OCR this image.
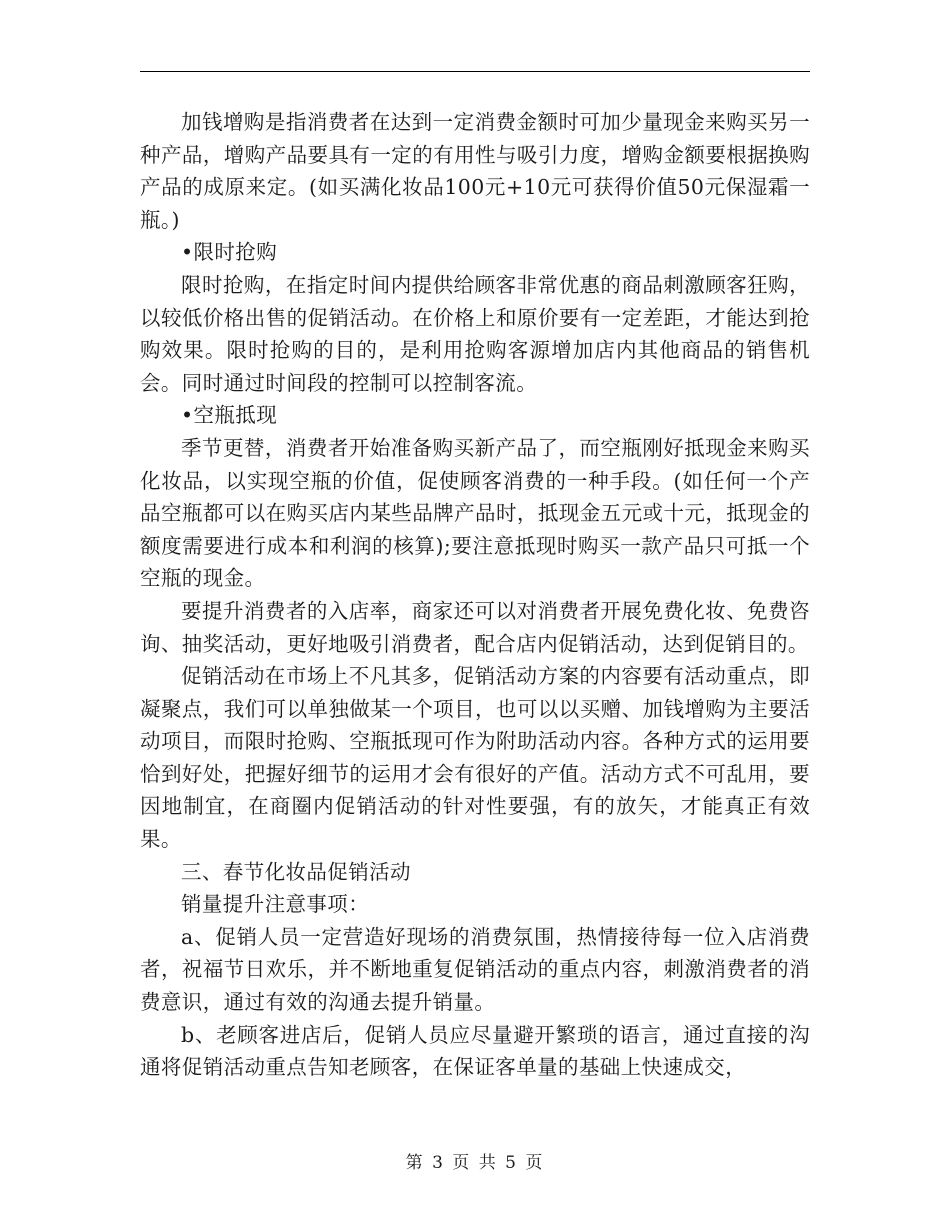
加钱增购是指消费者在达到一定消费金额时可加少量现金来购买另一种产品，增购产品要具有一定的有用性与吸引力度，增购金额要根据换购产品的成原来定。(如买满化妆品100元+10元可获得价值50元保湿霜一瓶。)

•限时抢购

限时抢购，在指定时间内提供给顾客非常优惠的商品刺激顾客狂购，以较低价格出售的促销活动。在价格上和原价要有一定差距，才能达到抢购效果。限时抢购的目的，是利用抢购客源增加店内其他商品的销售机会。同时通过时间段的控制可以控制客流。

•空瓶抵现

季节更替，消费者开始准备购买新产品了，而空瓶刚好抵现金来购买化妆品，以实现空瓶的价值，促使顾客消费的一种手段。(如任何一个产品空瓶都可以在购买店内某些品牌产品时，抵现金五元或十元，抵现金的额度需要进行成本和利润的核算);要注意抵现时购买一款产品只可抵一个空瓶的现金。

要提升消费者的入店率，商家还可以对消费者开展免费化妆、免费咨询、抽奖活动，更好地吸引消费者，配合店内促销活动，达到促销目的。

促销活动在市场上不凡其多，促销活动方案的内容要有活动重点，即凝聚点，我们可以单独做某一个项目，也可以以买赠、加钱增购为主要活动项目，而限时抢购、空瓶抵现可作为附助活动内容。各种方式的运用要恰到好处，把握好细节的运用才会有很好的产值。活动方式不可乱用，要因地制宜，在商圈内促销活动的针对性要强，有的放矢，才能真正有效果。

三、春节化妆品促销活动

销量提升注意事项：

a、促销人员一定营造好现场的消费氛围，热情接待每一位入店消费者，祝福节日欢乐，并不断地重复促销活动的重点内容，刺激消费者的消费意识，通过有效的沟通去提升销量。

b、老顾客进店后，促销人员应尽量避开繁琐的语言，通过直接的沟通将促销活动重点告知老顾客，在保证客单量的基础上快速成交，

第 3 页 共 5 页
